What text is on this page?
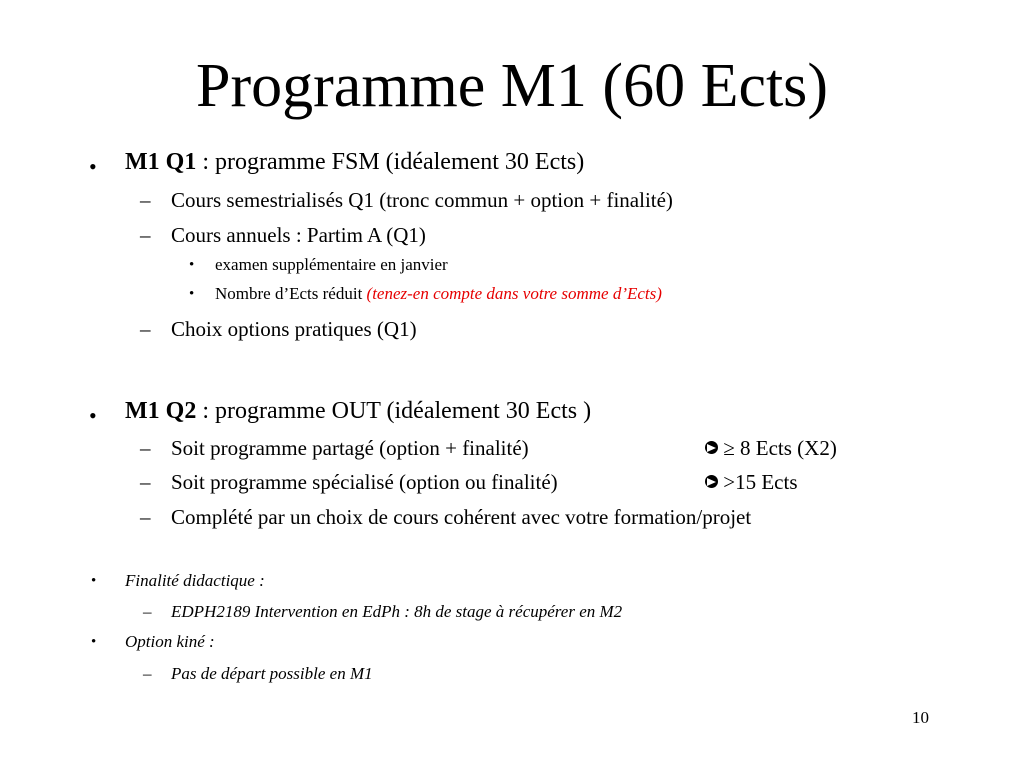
Programme M1 (60 Ects)
• M1 Q1 : programme FSM (idéalement 30 Ects)
– Cours semestrialisés Q1 (tronc commun + option + finalité)
– Cours annuels : Partim A (Q1)
• examen supplémentaire en janvier
• Nombre d’Ects réduit (tenez-en compte dans votre somme d’Ects)
– Choix options pratiques (Q1)
• M1 Q2 : programme OUT (idéalement 30 Ects )
– Soit programme partagé (option + finalité)	≥ 8 Ects (X2)
– Soit programme spécialisé (option ou finalité)	>15 Ects
– Complété par un choix de cours cohérent avec votre formation/projet
• Finalité didactique :
– EDPH2189 Intervention en EdPh : 8h de stage à récupérer en M2
• Option kiné :
– Pas de départ possible en M1
10
